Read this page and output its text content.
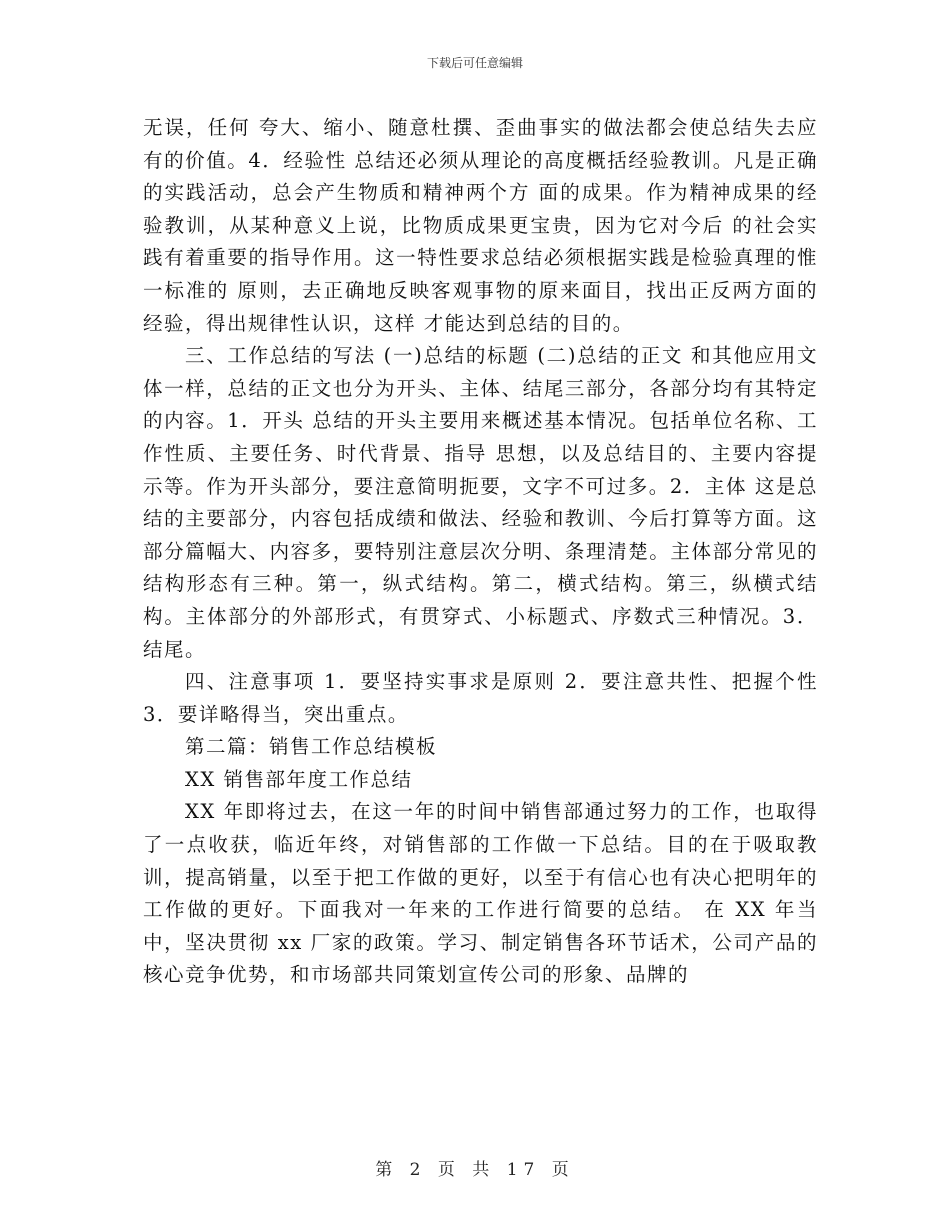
下载后可任意编辑

无误，任何 夸大、缩小、随意杜撰、歪曲事实的做法都会使总结失去应有的价值。4．经验性 总结还必须从理论的高度概括经验教训。凡是正确的实践活动，总会产生物质和精神两个方 面的成果。作为精神成果的经验教训，从某种意义上说，比物质成果更宝贵，因为它对今后 的社会实践有着重要的指导作用。这一特性要求总结必须根据实践是检验真理的惟一标准的 原则，去正确地反映客观事物的原来面目，找出正反两方面的经验，得出规律性认识，这样 才能达到总结的目的。

三、工作总结的写法 (一)总结的标题 (二)总结的正文 和其他应用文体一样，总结的正文也分为开头、主体、结尾三部分，各部分均有其特定的内容。1．开头 总结的开头主要用来概述基本情况。包括单位名称、工作性质、主要任务、时代背景、指导 思想，以及总结目的、主要内容提示等。作为开头部分，要注意简明扼要，文字不可过多。2．主体 这是总结的主要部分，内容包括成绩和做法、经验和教训、今后打算等方面。这部分篇幅大、内容多，要特别注意层次分明、条理清楚。主体部分常见的结构形态有三种。第一，纵式结构。第二，横式结构。第三，纵横式结构。主体部分的外部形式，有贯穿式、小标题式、序数式三种情况。3．结尾。

四、注意事项 1．要坚持实事求是原则 2．要注意共性、把握个性 3．要详略得当，突出重点。

第二篇：销售工作总结模板

XX 销售部年度工作总结

XX 年即将过去，在这一年的时间中销售部通过努力的工作，也取得了一点收获，临近年终，对销售部的工作做一下总结。目的在于吸取教训，提高销量，以至于把工作做的更好，以至于有信心也有决心把明年的工作做的更好。下面我对一年来的工作进行简要的总结。 在 XX 年当中，坚决贯彻 xx 厂家的政策。学习、制定销售各环节话术，公司产品的核心竞争优势，和市场部共同策划宣传公司的形象、品牌的

第 2 页 共 17 页
